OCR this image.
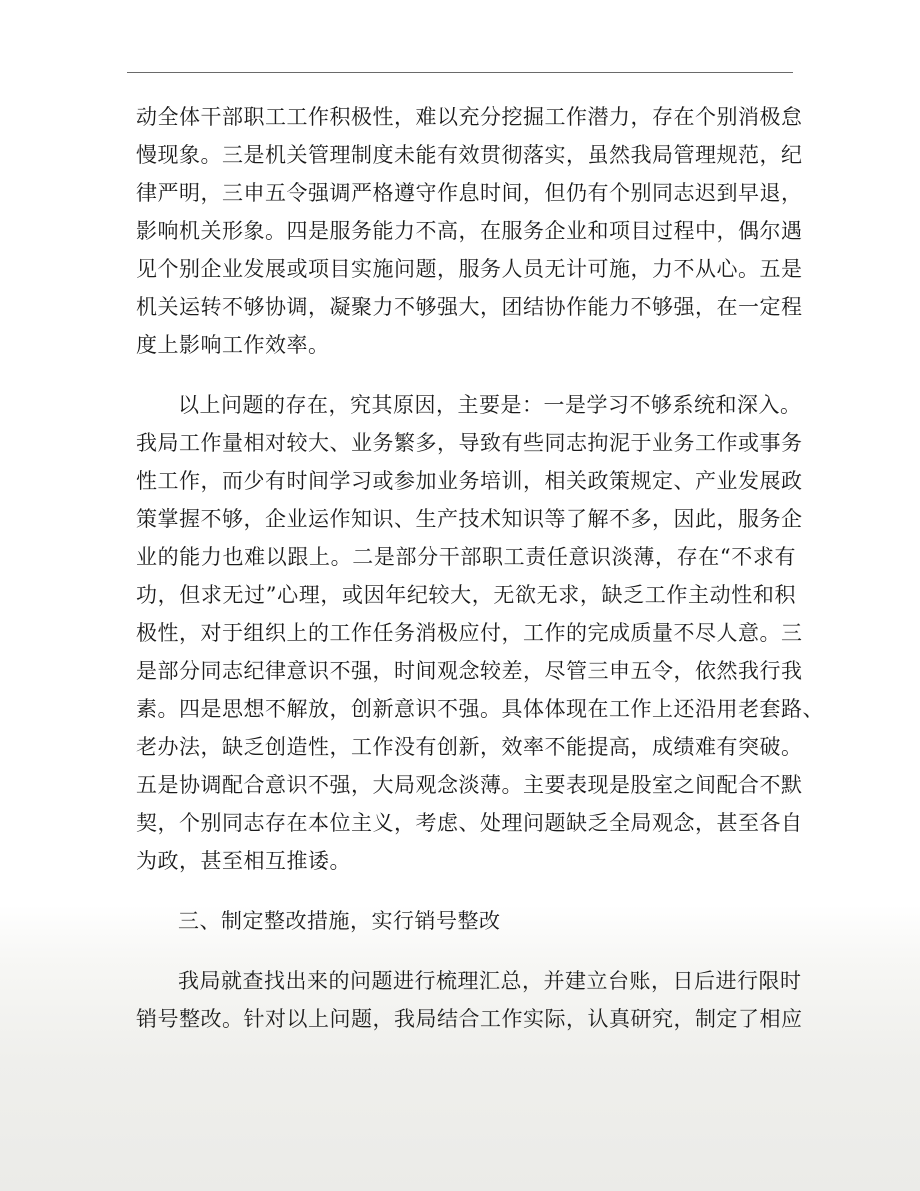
动全体干部职工工作积极性，难以充分挖掘工作潜力，存在个别消极怠
慢现象。三是机关管理制度未能有效贯彻落实，虽然我局管理规范，纪
律严明，三申五令强调严格遵守作息时间，但仍有个别同志迟到早退，
影响机关形象。四是服务能力不高，在服务企业和项目过程中，偶尔遇
见个别企业发展或项目实施问题，服务人员无计可施，力不从心。五是
机关运转不够协调，凝聚力不够强大，团结协作能力不够强，在一定程
度上影响工作效率。
以上问题的存在，究其原因，主要是：一是学习不够系统和深入。
我局工作量相对较大、业务繁多，导致有些同志拘泥于业务工作或事务
性工作，而少有时间学习或参加业务培训，相关政策规定、产业发展政
策掌握不够，企业运作知识、生产技术知识等了解不多，因此，服务企
业的能力也难以跟上。二是部分干部职工责任意识淡薄，存在“不求有
功，但求无过”心理，或因年纪较大，无欲无求，缺乏工作主动性和积
极性，对于组织上的工作任务消极应付，工作的完成质量不尽人意。三
是部分同志纪律意识不强，时间观念较差，尽管三申五令，依然我行我
素。四是思想不解放，创新意识不强。具体体现在工作上还沿用老套路、
老办法，缺乏创造性，工作没有创新，效率不能提高，成绩难有突破。
五是协调配合意识不强，大局观念淡薄。主要表现是股室之间配合不默
契，个别同志存在本位主义，考虑、处理问题缺乏全局观念，甚至各自
为政，甚至相互推诿。
三、制定整改措施，实行销号整改
我局就查找出来的问题进行梳理汇总，并建立台账，日后进行限时
销号整改。针对以上问题，我局结合工作实际，认真研究，制定了相应
